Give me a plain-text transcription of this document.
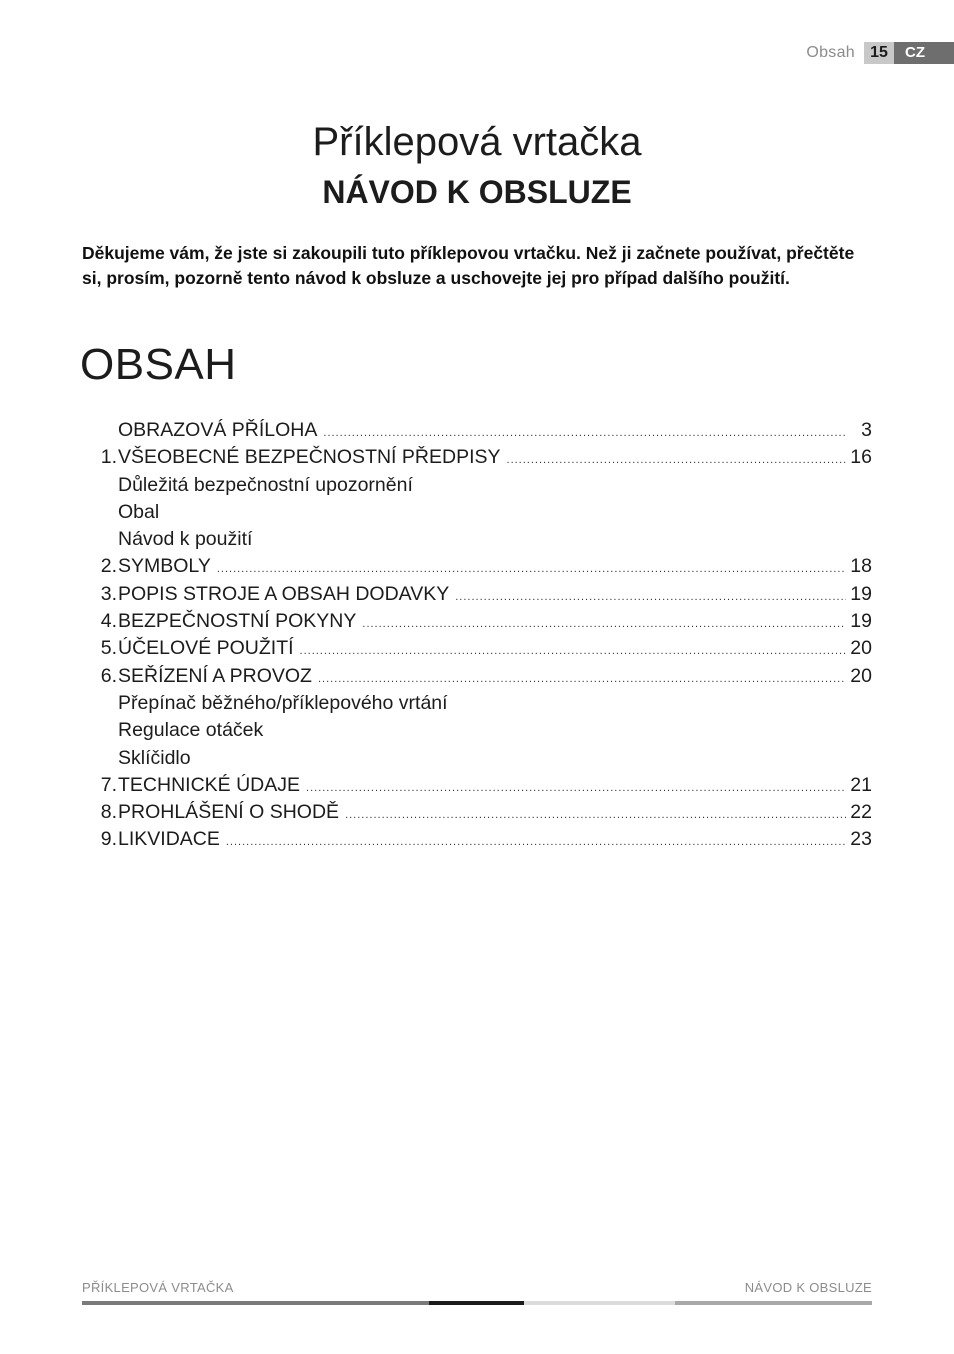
Obsah 15	CZ
Příklepová vrtačka
NÁVOD K OBSLUZE
Děkujeme vám, že jste si zakoupili tuto příklepovou vrtačku. Než ji začnete používat, přečtěte si, prosím, pozorně tento návod k obsluze a uschovejte jej pro případ dalšího použití.
OBSAH
OBRAZOVÁ PŘÍLOHA .....	3
1. VŠEOBECNÉ BEZPEČNOSTNÍ PŘEDPISY .....	16
Důležitá bezpečnostní upozornění
Obal
Návod k použití
2. SYMBOLY .....	18
3. POPIS STROJE A OBSAH DODAVKY .....	19
4. BEZPEČNOSTNÍ POKYNY .....	19
5. ÚČELOVÉ POUŽITÍ .....	20
6. SEŘÍZENÍ A PROVOZ .....	20
Přepínač běžného/příklepového vrtání
Regulace otáček
Sklíčidlo
7. TECHNICKÉ ÚDAJE .....	21
8. PROHLÁŠENÍ O SHODĚ .....	22
9. LIKVIDACE .....	23
PŘÍKLEPOVÁ VRTAČKA	NÁVOD K OBSLUZE
